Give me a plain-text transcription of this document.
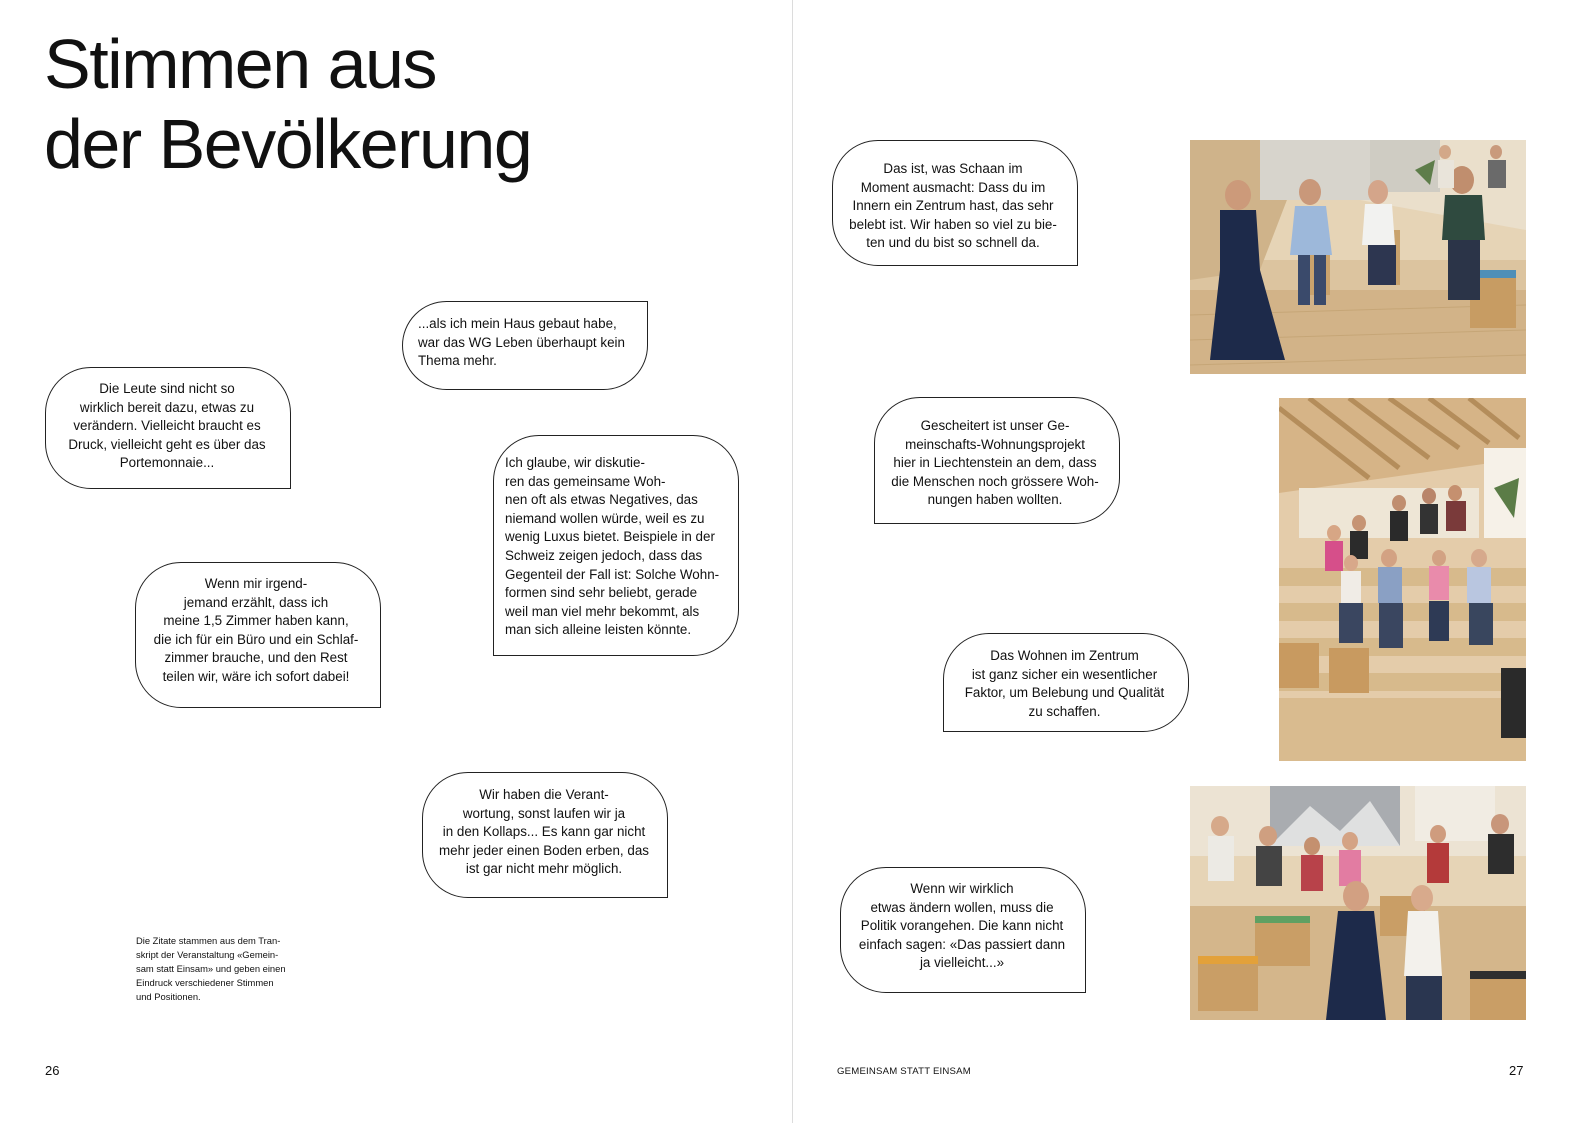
Stimmen aus
der Bevölkerung

Die Leute sind nicht so
wirklich bereit dazu, etwas zu
verändern. Vielleicht braucht es
Druck, vielleicht geht es über das
Portemonnaie...

...als ich mein Haus gebaut habe,
war das WG Leben überhaupt kein
Thema mehr.

Ich glaube, wir diskutie-
ren das gemeinsame Woh-
nen oft als etwas Negatives, das
niemand wollen würde, weil es zu
wenig Luxus bietet. Beispiele in der
Schweiz zeigen jedoch, dass das
Gegenteil der Fall ist: Solche Wohn-
formen sind sehr beliebt, gerade
weil man viel mehr bekommt, als
man sich alleine leisten könnte.

Wenn mir irgend-
jemand erzählt, dass ich
meine 1,5 Zimmer haben kann,
die ich für ein Büro und ein Schlaf-
zimmer brauche, und den Rest
teilen wir, wäre ich sofort dabei!

Wir haben die Verant-
wortung, sonst laufen wir ja
in den Kollaps... Es kann gar nicht
mehr jeder einen Boden erben, das
ist gar nicht mehr möglich.

Die Zitate stammen aus dem Tran-
skript der Veranstaltung «Gemein-
sam statt Einsam» und geben einen
Eindruck verschiedener Stimmen
und Positionen.

Das ist, was Schaan im
Moment ausmacht: Dass du im
Innern ein Zentrum hast, das sehr
belebt ist. Wir haben so viel zu bie-
ten und du bist so schnell da.

Gescheitert ist unser Ge-
meinschafts-Wohnungsprojekt
hier in Liechtenstein an dem, dass
die Menschen noch grössere Woh-
nungen haben wollten.

Das Wohnen im Zentrum
ist ganz sicher ein wesentlicher
Faktor, um Belebung und Qualität
zu schaffen.

Wenn wir wirklich
etwas ändern wollen, muss die
Politik vorangehen. Die kann nicht
einfach sagen: «Das passiert dann
ja vielleicht...»

26	GEMEINSAM STATT EINSAM	27
